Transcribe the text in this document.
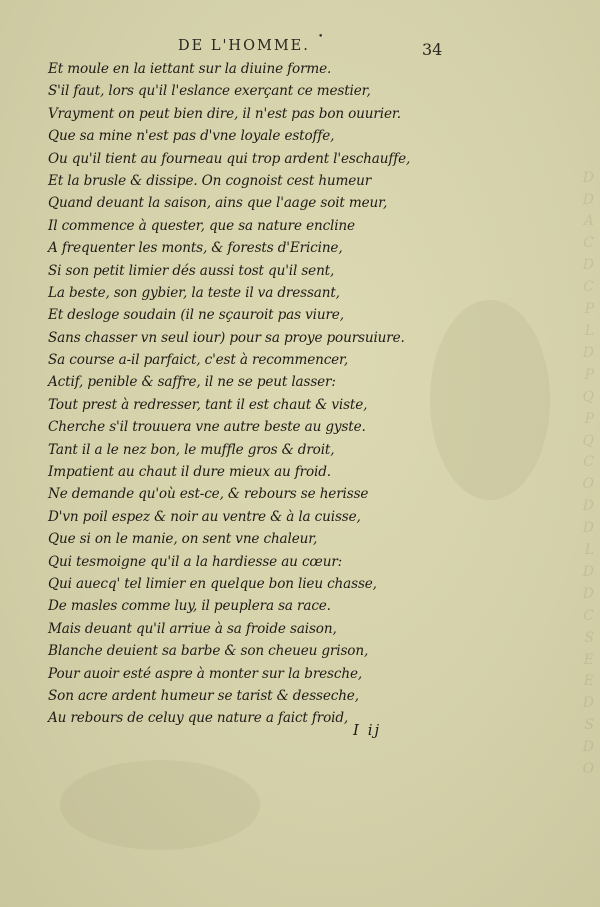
D
D
A
C
D
C
P
L
D
P
Q
P
Q
C
O
D
D
L
D
D
C
S
E
E
D
S
D
O
DE L'HOMME.
•
34
Et moule en la iettant sur la diuine forme.
S'il faut, lors qu'il l'eslance exerçant ce mestier,
Vrayment on peut bien dire, il n'est pas bon ouurier.
Que sa mine n'est pas d'vne loyale estoffe,
Ou qu'il tient au fourneau qui trop ardent l'eschauffe,
Et la brusle & dissipe. On cognoist cest humeur
Quand deuant la saison, ains que l'aage soit meur,
Il commence à quester, que sa nature encline
A frequenter les monts, & forests d'Ericine,
Si son petit limier dés aussi tost qu'il sent,
La beste, son gybier, la teste il va dressant,
Et desloge soudain (il ne sçauroit pas viure,
Sans chasser vn seul iour) pour sa proye poursuiure.
Sa course a-il parfaict, c'est à recommencer,
Actif, penible & saffre, il ne se peut lasser:
Tout prest à redresser, tant il est chaut & viste,
Cherche s'il trouuera vne autre beste au gyste.
Tant il a le nez bon, le muffle gros & droit,
Impatient au chaut il dure mieux au froid.
Ne demande qu'où est-ce, & rebours se herisse
D'vn poil espez & noir au ventre & à la cuisse,
Que si on le manie, on sent vne chaleur,
Qui tesmoigne qu'il a la hardiesse au cœur:
Qui auecq' tel limier en quelque bon lieu chasse,
De masles comme luy, il peuplera sa race.
Mais deuant qu'il arriue à sa froide saison,
Blanche deuient sa barbe & son cheueu grison,
Pour auoir esté aspre à monter sur la bresche,
Son acre ardent humeur se tarist & desseche,
Au rebours de celuy que nature a faict froid,
I ij
